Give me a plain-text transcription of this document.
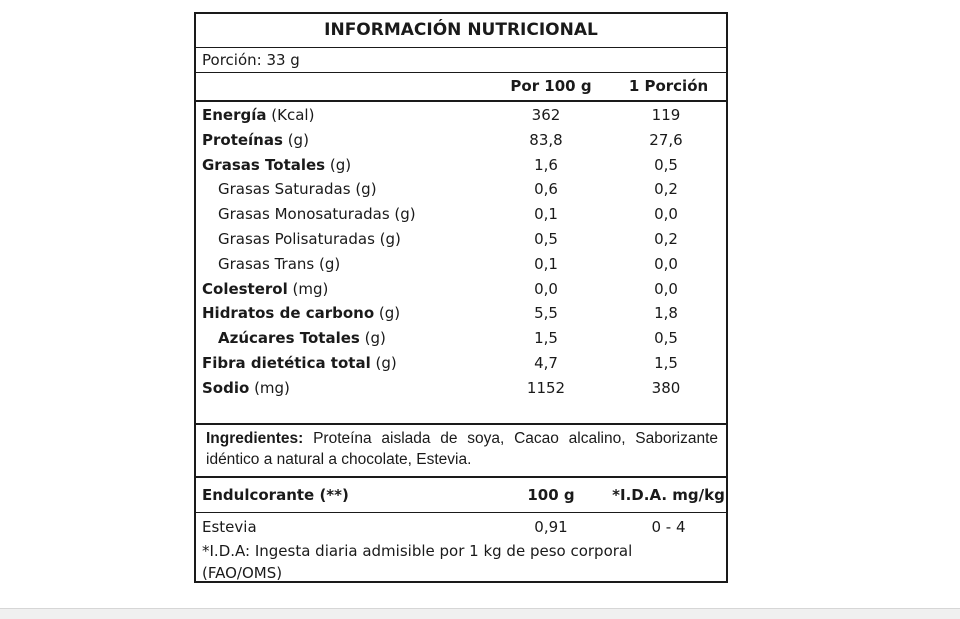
INFORMACIÓN NUTRICIONAL
Porción: 33 g
Por 100 g	1 Porción
Energía (Kcal)	362	119
Proteínas (g)	83,8	27,6
Grasas Totales (g)	1,6	0,5
Grasas Saturadas (g)	0,6	0,2
Grasas Monosaturadas (g)	0,1	0,0
Grasas Polisaturadas (g)	0,5	0,2
Grasas Trans (g)	0,1	0,0
Colesterol (mg)	0,0	0,0
Hidratos de carbono (g)	5,5	1,8
Azúcares Totales (g)	1,5	0,5
Fibra dietética total (g)	4,7	1,5
Sodio (mg)	1152	380
Ingredientes: Proteína aislada de soya, Cacao alcalino, Saborizante idéntico a natural a chocolate, Estevia.
Endulcorante (**)	100 g	*I.D.A. mg/kg
Estevia	0,91	0 - 4
*I.D.A: Ingesta diaria admisible por 1 kg de peso corporal (FAO/OMS)
